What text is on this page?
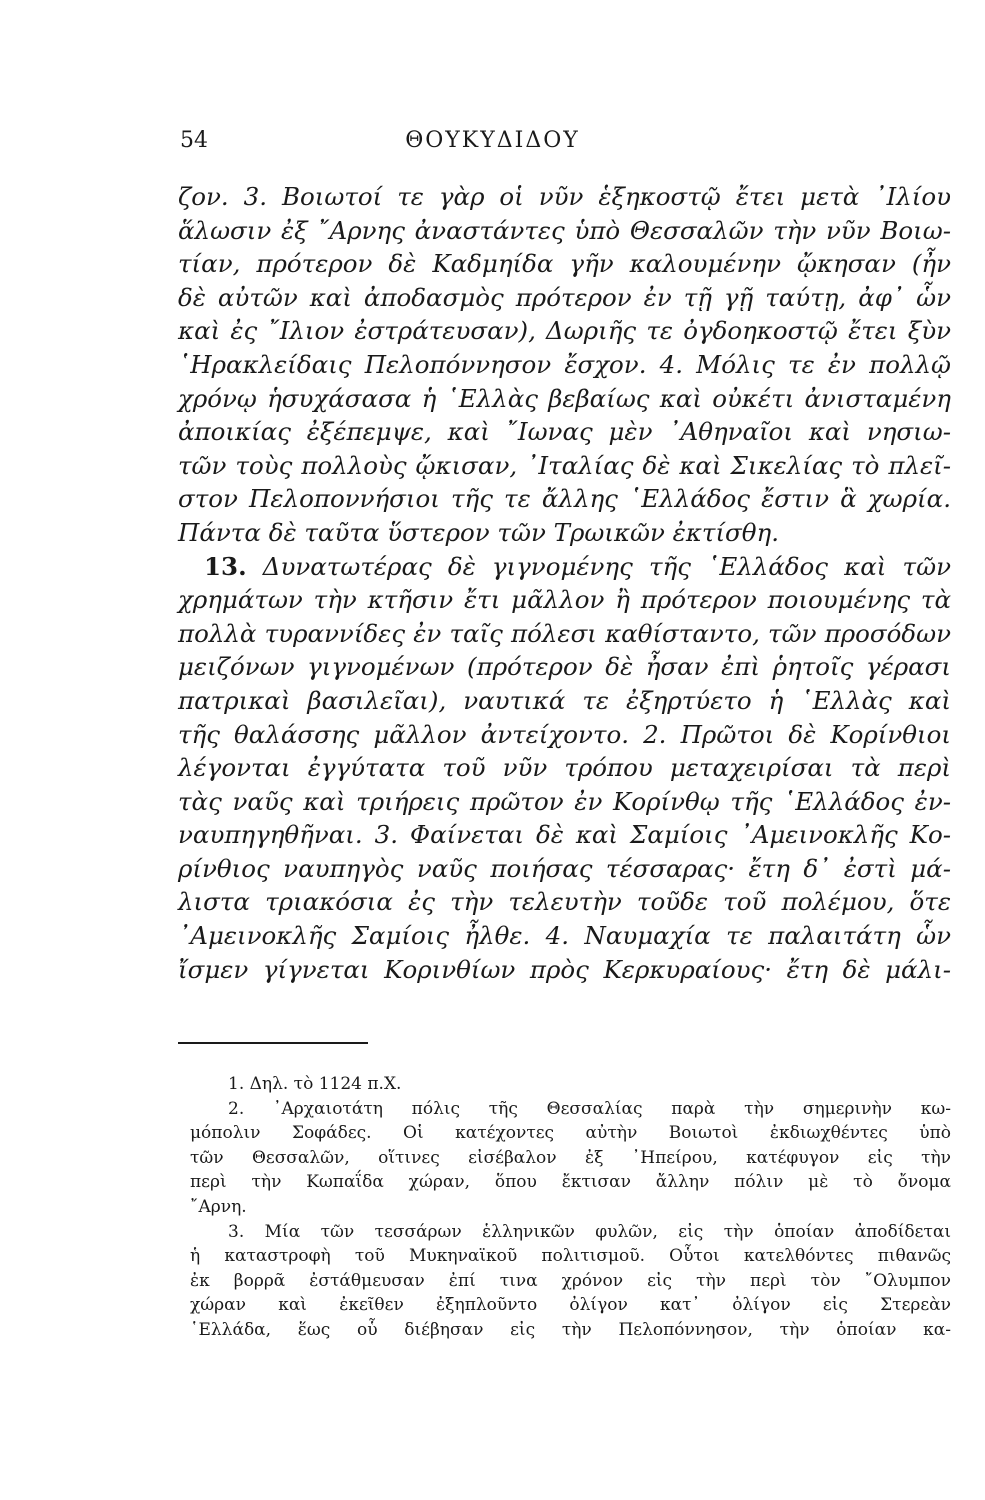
54	ΘΟΥΚΥΔΙΔΟΥ
ζον. 3. Βοιωτοί τε γὰρ οἱ νῦν ἑξηκοστῷ ἔτει μετὰ ᾿Ιλίου
ἅλωσιν ἐξ ῎Αρνης ἀναστάντες ὑπὸ Θεσσαλῶν τὴν νῦν Βοιω-
τίαν, πρότερον δὲ Καδμηίδα γῆν καλουμένην ᾤκησαν (ἦν
δὲ αὐτῶν καὶ ἀποδασμὸς πρότερον ἐν τῇ γῇ ταύτῃ, ἀφ᾽ ὧν
καὶ ἐς ῎Ιλιον ἐστράτευσαν), Δωριῆς τε ὀγδοηκοστῷ ἔτει ξὺν
῾Ηρακλείδαις Πελοπόννησον ἔσχον. 4. Μόλις τε ἐν πολλῷ
χρόνῳ ἡσυχάσασα ἡ ῾Ελλὰς βεβαίως καὶ οὐκέτι ἀνισταμένη
ἀποικίας ἐξέπεμψε, καὶ ῎Ιωνας μὲν ᾿Αθηναῖοι καὶ νησιω-
τῶν τοὺς πολλοὺς ᾤκισαν, ᾿Ιταλίας δὲ καὶ Σικελίας τὸ πλεῖ-
στον Πελοποννήσιοι τῆς τε ἄλλης ῾Ελλάδος ἔστιν ἃ χωρία.
Πάντα δὲ ταῦτα ὕστερον τῶν Τρωικῶν ἐκτίσθη.
13. Δυνατωτέρας δὲ γιγνομένης τῆς ῾Ελλάδος καὶ τῶν
χρημάτων τὴν κτῆσιν ἔτι μᾶλλον ἢ πρότερον ποιουμένης τὰ
πολλὰ τυραννίδες ἐν ταῖς πόλεσι καθίσταντο, τῶν προσόδων
μειζόνων γιγνομένων (πρότερον δὲ ἦσαν ἐπὶ ῥητοῖς γέρασι
πατρικαὶ βασιλεῖαι), ναυτικά τε ἐξηρτύετο ἡ ῾Ελλὰς καὶ
τῆς θαλάσσης μᾶλλον ἀντείχοντο. 2. Πρῶτοι δὲ Κορίνθιοι
λέγονται ἐγγύτατα τοῦ νῦν τρόπου μεταχειρίσαι τὰ περὶ
τὰς ναῦς καὶ τριήρεις πρῶτον ἐν Κορίνθῳ τῆς ῾Ελλάδος ἐν-
ναυπηγηθῆναι. 3. Φαίνεται δὲ καὶ Σαμίοις ᾿Αμεινοκλῆς Κο-
ρίνθιος ναυπηγὸς ναῦς ποιήσας τέσσαρας· ἔτη δ᾽ ἐστὶ μά-
λιστα τριακόσια ἐς τὴν τελευτὴν τοῦδε τοῦ πολέμου, ὅτε
᾿Αμεινοκλῆς Σαμίοις ἦλθε. 4. Ναυμαχία τε παλαιτάτη ὧν
ἴσμεν γίγνεται Κορινθίων πρὸς Κερκυραίους· ἔτη δὲ μάλι-
1. Δηλ. τὸ 1124 π.Χ.
2. ᾿Αρχαιοτάτη πόλις τῆς Θεσσαλίας παρὰ τὴν σημερινὴν κω-
μόπολιν Σοφάδες. Οἱ κατέχοντες αὐτὴν Βοιωτοὶ ἐκδιωχθέντες ὑπὸ
τῶν Θεσσαλῶν, οἵτινες εἰσέβαλον ἐξ ᾿Ηπείρου, κατέφυγον εἰς τὴν
περὶ τὴν Κωπαΐδα χώραν, ὅπου ἔκτισαν ἄλλην πόλιν μὲ τὸ ὄνομα
῎Αρνη.
3. Μία τῶν τεσσάρων ἑλληνικῶν φυλῶν, εἰς τὴν ὁποίαν ἀποδίδεται
ἡ καταστροφὴ τοῦ Μυκηναϊκοῦ πολιτισμοῦ. Οὗτοι κατελθόντες πιθανῶς
ἐκ βορρᾶ ἐστάθμευσαν ἐπί τινα χρόνον εἰς τὴν περὶ τὸν ῎Ολυμπον
χώραν καὶ ἐκεῖθεν ἐξηπλοῦντο ὀλίγον κατ᾽ ὀλίγον εἰς Στερεὰν
῾Ελλάδα, ἕως οὗ διέβησαν εἰς τὴν Πελοπόννησον, τὴν ὁποίαν κα-
